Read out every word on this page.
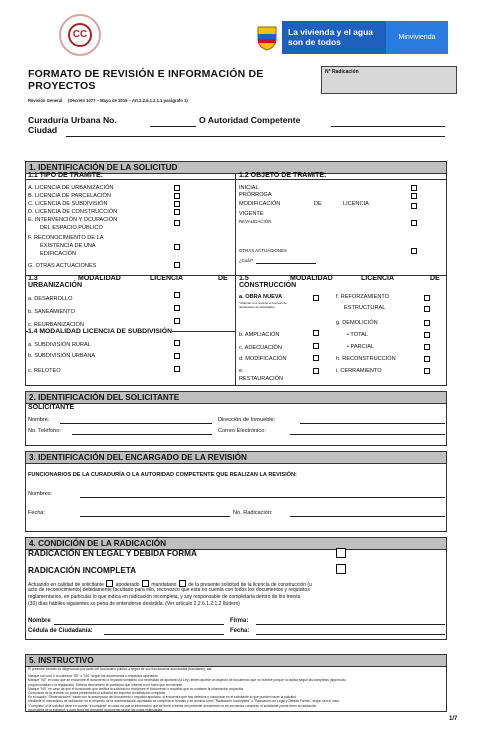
CC	La vivienda y el agua
son de todos	Minvivienda
FORMATO DE REVISIÓN E INFORMACIÓN DE PROYECTOS
N° Radicación
Revisión General (Decreto 1077 – Mayo de 2015 – Art.2.2.6.1.2.1.1 parágrafo 1)
Curaduría Urbana No.	O Autoridad Competente
Ciudad
1. IDENTIFICACIÓN DE LA SOLICITUD
1.1 TIPO DE TRAMITE:	1.2 OBJETO DE TRAMITE:
A. LICENCIA DE URBANIZACIÓN
B. LICENCIA DE PARCELACIÓN
C. LICENCIA DE SUBDIVISIÓN
D. LICENCIA DE CONSTRUCCIÓN
E. INTERVENCIÓN Y OCUPACIÓN
DEL ESPACIO PÚBLICO
F. RECONOCIMIENTO DE LA
EXISTENCIA DE UNA
EDIFICACIÓN
G. OTRAS ACTUACIONES
INICIAL
PRÓRROGA
MODIFICACIÓN	DE	LICENCIA
VIGENTE
REVALIDACIÓN
OTRAS ACTUACIONES
¿Cuál?
1.3	MODALIDAD	LICENCIA	DE
URBANIZACIÓN
a. DESARROLLO
b. SANEAMIENTO
c. REURBANIZACIÓN
1.4 MODALIDAD LICENCIA DE SUBDIVISIÓN
a. SUBDIVISIÓN RURAL
b. SUBDIVISIÓN URBANA
c. RELOTEO
1.5	MODALIDAD	LICENCIA	DE
CONSTRUCCIÓN
a. OBRA NUEVA
*Adjuntar a la revisión el formato de declaración de actividades
b. AMPLIACIÓN
c. ADECUACIÓN
d. MODIFICACIÓN
e.
RESTAURACIÓN
f. REFORZAMIENTO
ESTRUCTURAL
g. DEMOLICIÓN
• TOTAL
• PARCIAL
h. RECONSTRUCCIÓN
i. CERRAMIENTO
2. IDENTIFICACIÓN DEL SOLICITANTE
SOLICITANTE
Nombre:	Dirección de Inmueble:
No. Teléfono:	Correo Electrónico:
3. IDENTIFICACIÓN DEL ENCARGADO DE LA REVISIÓN
FUNCIONARIOS DE LA CURADURÍA O LA AUTORIDAD COMPETENTE QUE REALIZAN LA REVISIÓN:
Nombres:
Fecha:	No. Radicación:
4. CONDICIÓN DE LA RADICACIÓN
RADICACIÓN EN LEGAL Y DEBIDA FORMA
RADICACIÓN INCOMPLETA
Actuando en calidad de solicitante apoderado mandatario de la presente solicitud de la licencia de construcción (u
acto de reconocimiento) debidamente facultado para ello, reconozco que esta no cuenta con todos los documentos y requisitos
reglamentarios, en particular lo que indica en radicación incompleta, y soy responsable de completarla dentro de los treinta
(30) días hábiles siguientes so pena de entenderse desistida. (Ver artículo 2.2.6.1.2.1.2 Ibídem)
Nombre	Firma:
Cédula de Ciudadanía:	Fecha:
5. INSTRUCTIVO
El presente formato es diligenciado por parte del funcionario público a seguir de sus funcionarios autorizados (tramitante), así:
Marque con una X la columna "SE" o "NO" según los documentos o requisitos aportados.
Marque "SE" en caso que se encuentre el documento o requisito completo o la necesidad de aportarlo (la Ley) deben aportar un aspecto de documento que no hubiere porque no aplica según las completas (tipo/modo,
proporcionadas o la regulación). Deberá descontarlo en particular que informe si no fuera que no interese.
Marque "NO" en caso de que el funcionario que verifica la solicitud no encuentre el documento o requisito que no contiene la información requerida.
Comunicar de la revisión no podrá presentarse la solicitud sin importar la radicación completa.
En el cuadro "Observaciones" basta con la descripción del documento o requisito aportado, si encuentra que hay defectos y comunicar en el solicitante lo que pueden hacer la solicitud.
Mediante el mecanismo de radicación en el respecto de la documentación aportados se completa el formato y se archiva como "Radicación Incompleta" o "Radicación en Legal y Debida Forma", según sea el caso.
"Completo" si la solicitud tiene en cuenta "Incompleta" en caso en que la información que se tiene a través del presente documento no se encuentra completa, el solicitante puede tener la radicación
incompleta de la solicitud, y dará firma del presente documento según las notas estipuladas.
1/7
